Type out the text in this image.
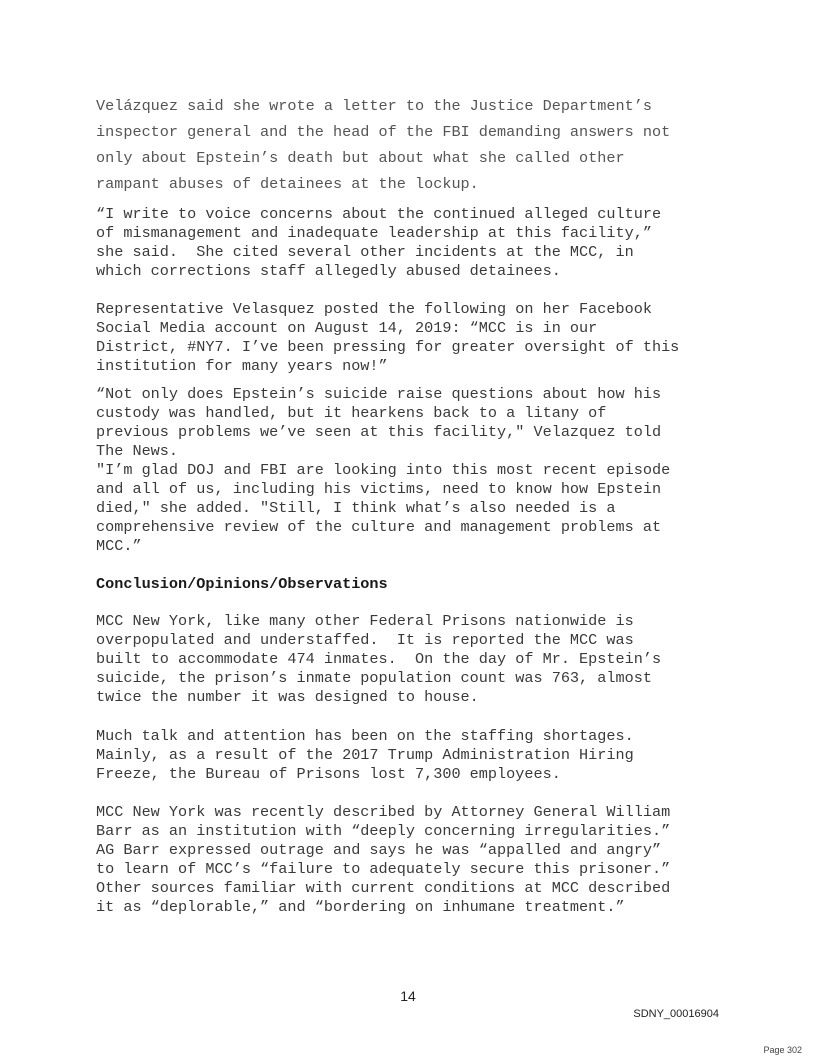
Velázquez said she wrote a letter to the Justice Department’s
inspector general and the head of the FBI demanding answers not
only about Epstein’s death but about what she called other
rampant abuses of detainees at the lockup.

“I write to voice concerns about the continued alleged culture
of mismanagement and inadequate leadership at this facility,”
she said.  She cited several other incidents at the MCC, in
which corrections staff allegedly abused detainees.

Representative Velasquez posted the following on her Facebook
Social Media account on August 14, 2019: “MCC is in our
District, #NY7. I’ve been pressing for greater oversight of this
institution for many years now!”

“Not only does Epstein’s suicide raise questions about how his
custody was handled, but it hearkens back to a litany of
previous problems we’ve seen at this facility," Velazquez told
The News.
"I’m glad DOJ and FBI are looking into this most recent episode
and all of us, including his victims, need to know how Epstein
died," she added. "Still, I think what’s also needed is a
comprehensive review of the culture and management problems at
MCC.”

Conclusion/Opinions/Observations

MCC New York, like many other Federal Prisons nationwide is
overpopulated and understaffed.  It is reported the MCC was
built to accommodate 474 inmates.  On the day of Mr. Epstein’s
suicide, the prison’s inmate population count was 763, almost
twice the number it was designed to house.

Much talk and attention has been on the staffing shortages.
Mainly, as a result of the 2017 Trump Administration Hiring
Freeze, the Bureau of Prisons lost 7,300 employees.

MCC New York was recently described by Attorney General William
Barr as an institution with “deeply concerning irregularities.”
AG Barr expressed outrage and says he was “appalled and angry”
to learn of MCC’s “failure to adequately secure this prisoner.”
Other sources familiar with current conditions at MCC described
it as “deplorable,” and “bordering on inhumane treatment.”

14
SDNY_00016904
Page 302
